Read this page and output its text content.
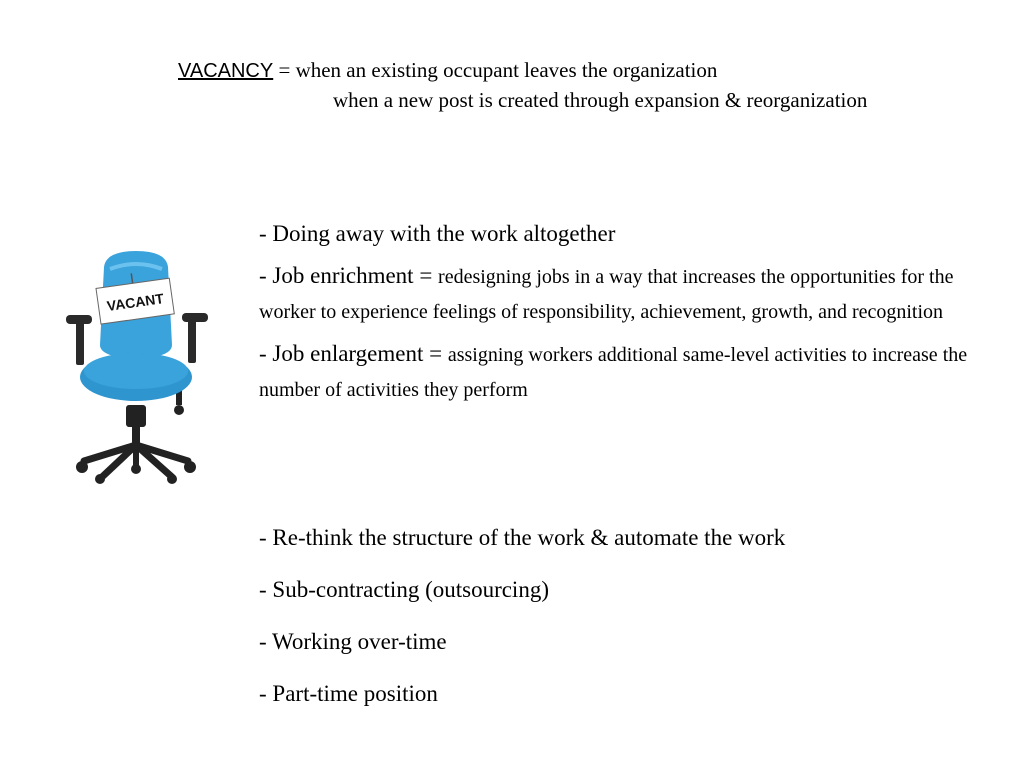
VACANCY = when an existing occupant leaves the organization
when a new post is created through expansion & reorganization
VACANT
- Doing away with the work altogether
- Job enrichment = redesigning jobs in a way that increases the opportunities for the worker to experience feelings of responsibility, achievement, growth, and recognition
- Job enlargement = assigning workers additional same-level activities to increase the number of activities they perform
- Re-think the structure of the work & automate the work
- Sub-contracting (outsourcing)
- Working over-time
- Part-time position
